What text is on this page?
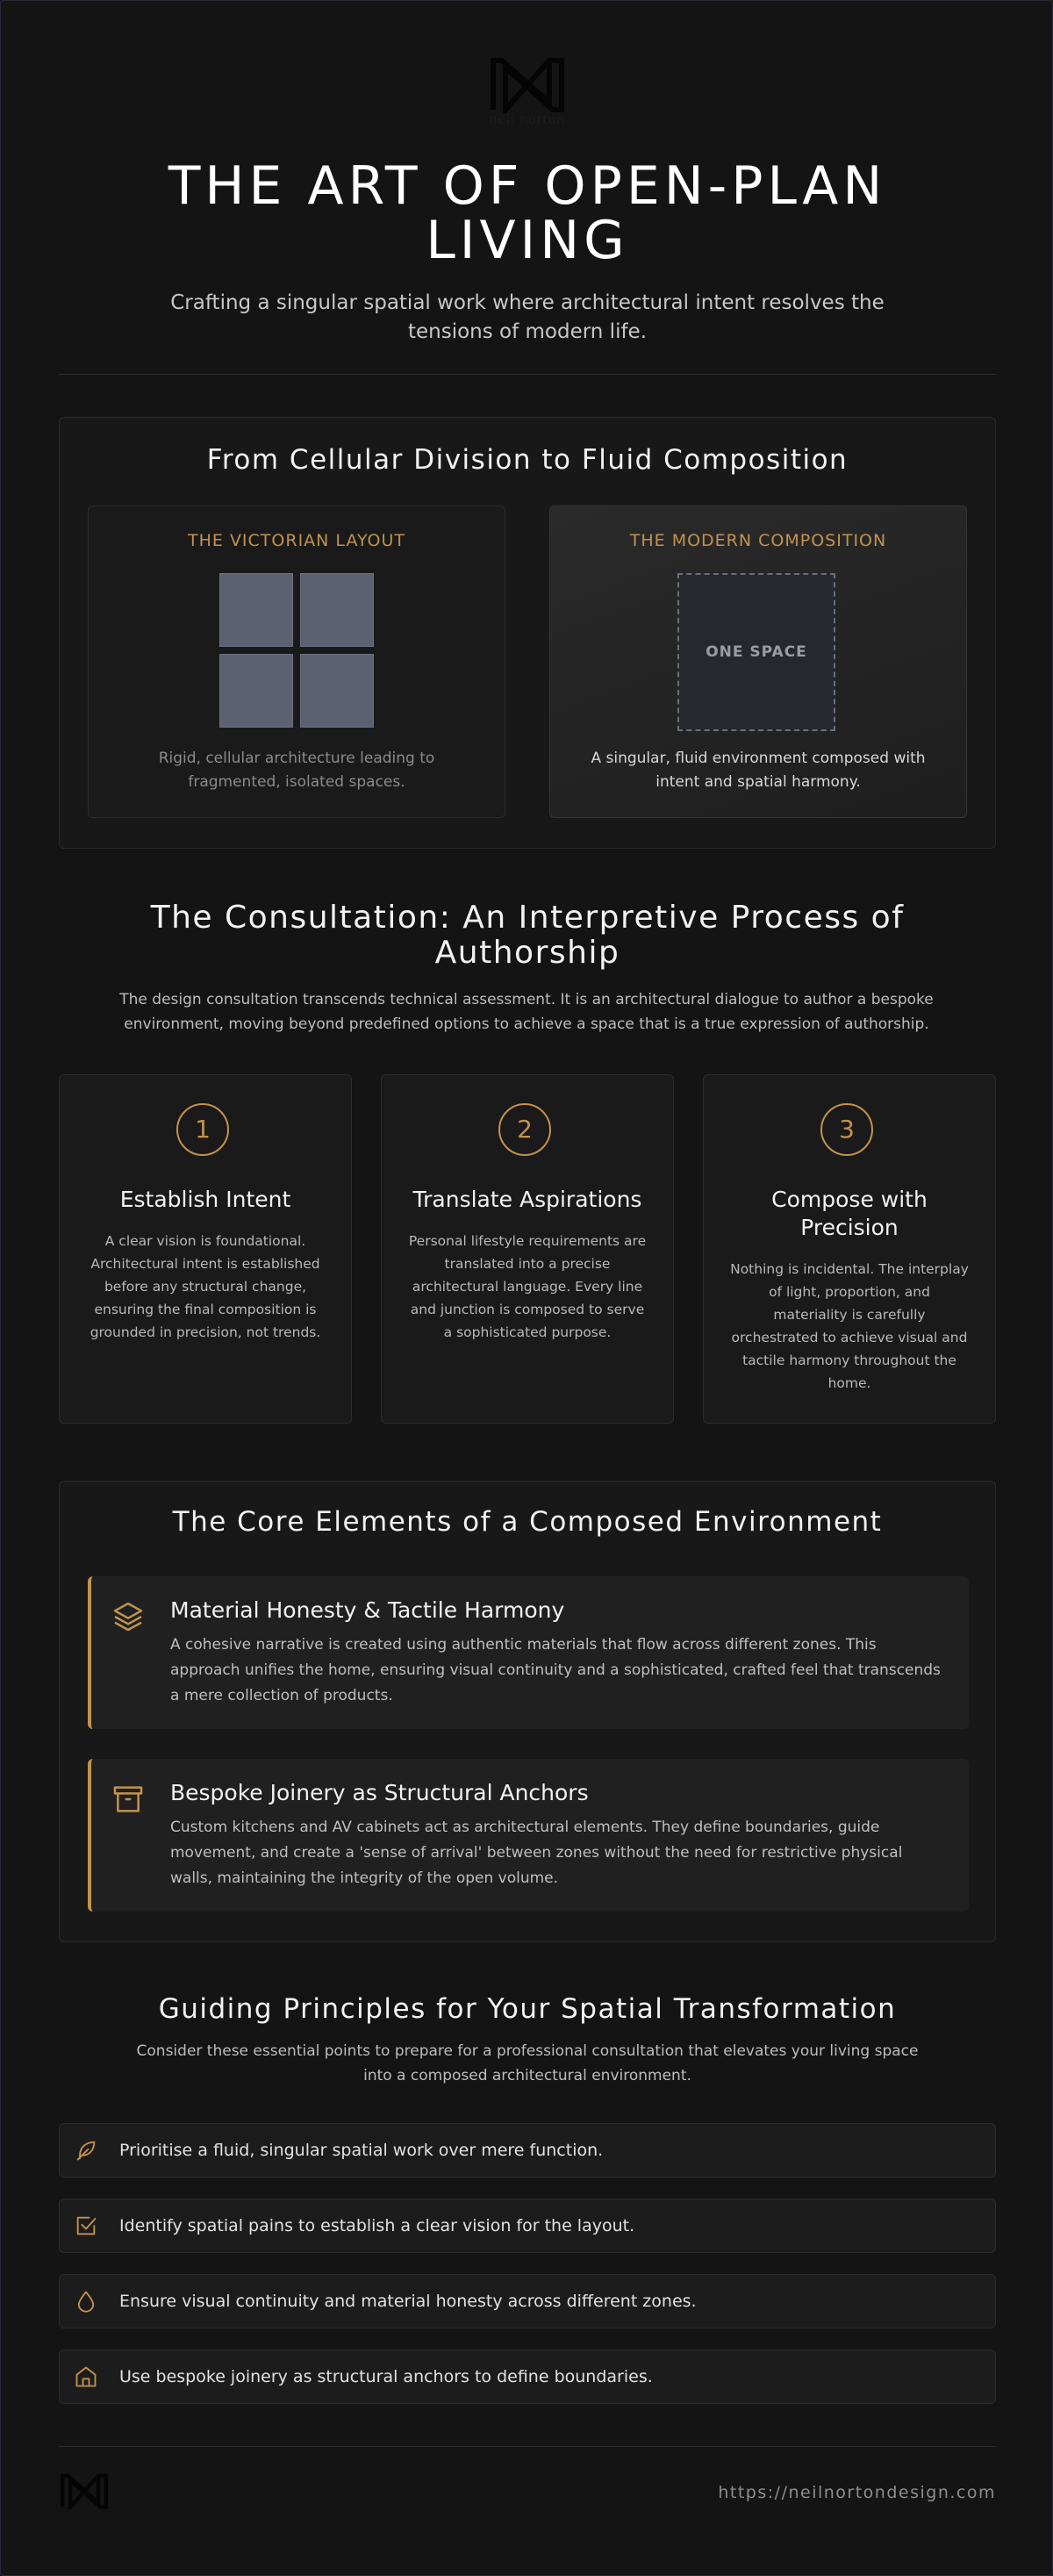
neil norton
THE ART OF OPEN-PLAN LIVING

Crafting a singular spatial work where architectural intent resolves the tensions of modern life.

From Cellular Division to Fluid Composition
THE VICTORIAN LAYOUT
Rigid, cellular architecture leading to fragmented, isolated spaces.
THE MODERN COMPOSITION
ONE SPACE
A singular, fluid environment composed with intent and spatial harmony.
The Consultation: An Interpretive Process of Authorship

The design consultation transcends technical assessment. It is an architectural dialogue to author a bespoke environment, moving beyond predefined options to achieve a space that is a true expression of authorship.

1
Establish Intent
A clear vision is foundational. Architectural intent is established before any structural change, ensuring the final composition is grounded in precision, not trends.
2
Translate Aspirations
Personal lifestyle requirements are translated into a precise architectural language. Every line and junction is composed to serve a sophisticated purpose.
3
Compose with Precision
Nothing is incidental. The interplay of light, proportion, and materiality is carefully orchestrated to achieve visual and tactile harmony throughout the home.
The Core Elements of a Composed Environment
Material Honesty & Tactile Harmony
A cohesive narrative is created using authentic materials that flow across different zones. This approach unifies the home, ensuring visual continuity and a sophisticated, crafted feel that transcends a mere collection of products.
Bespoke Joinery as Structural Anchors
Custom kitchens and AV cabinets act as architectural elements. They define boundaries, guide movement, and create a 'sense of arrival' between zones without the need for restrictive physical walls, maintaining the integrity of the open volume.
Guiding Principles for Your Spatial Transformation

Consider these essential points to prepare for a professional consultation that elevates your living space into a composed architectural environment.

Prioritise a fluid, singular spatial work over mere function.
Identify spatial pains to establish a clear vision for the layout.
Ensure visual continuity and material honesty across different zones.
Use bespoke joinery as structural anchors to define boundaries.
https://neilnortondesign.com
